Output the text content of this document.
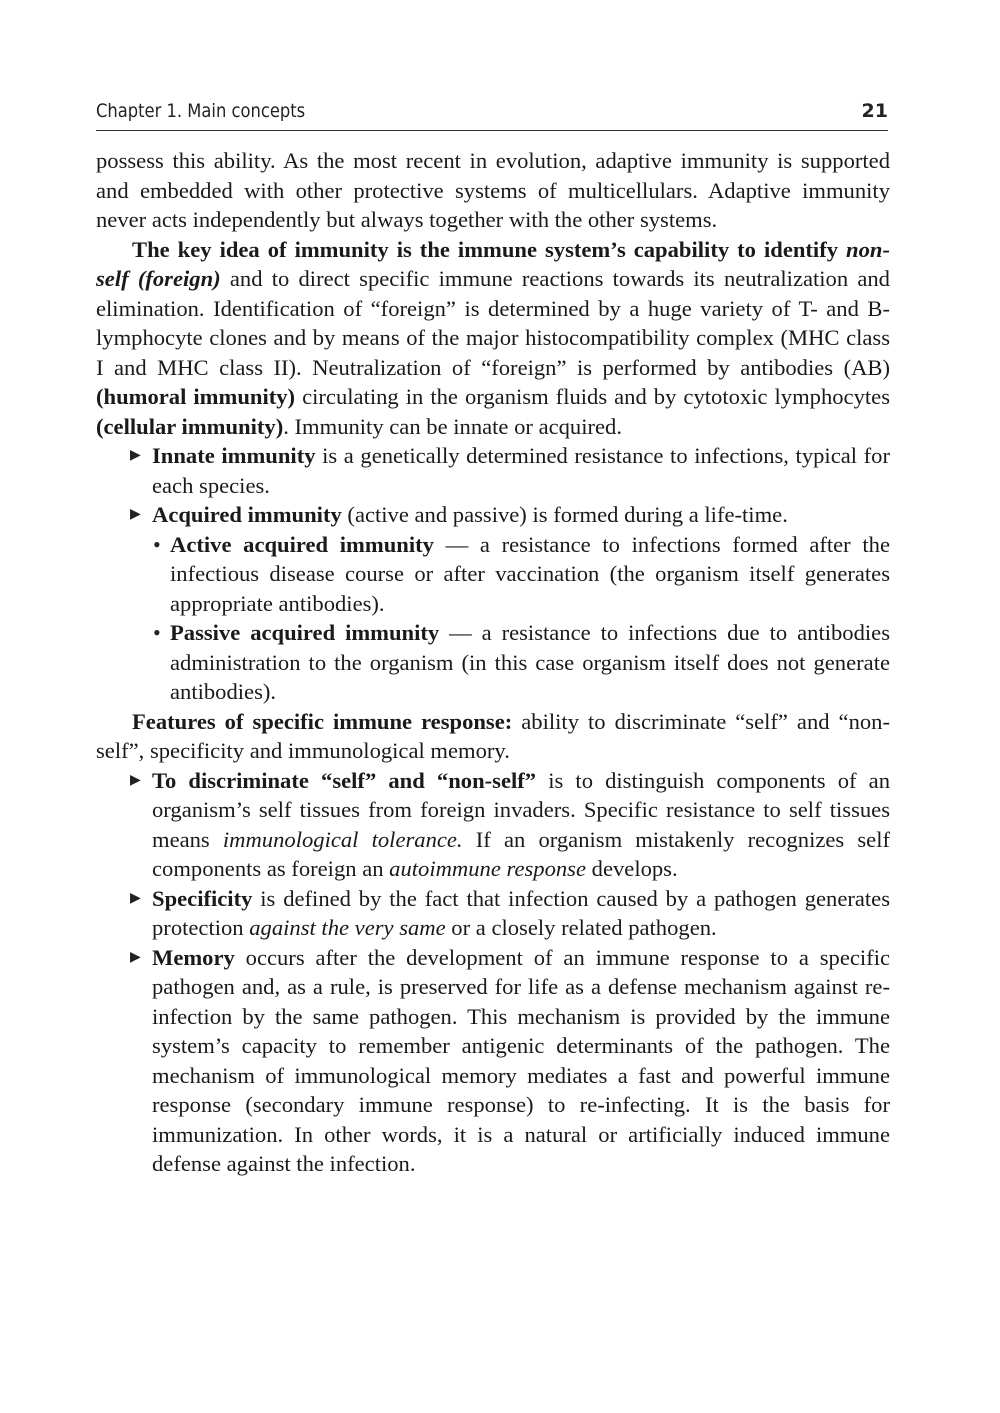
Chapter 1. Main concepts	21

possess this ability. As the most recent in evolution, adaptive immunity is supported and embedded with other protective systems of multicellulars. Adaptive immunity never acts independently but always together with the other systems.

The key idea of immunity is the immune system’s capability to identify non-self (foreign) and to direct specific immune reactions towards its neutralization and elimination. Identification of “foreign” is determined by a huge variety of T- and B-lymphocyte clones and by means of the major histocompatibility complex (MHC class I and MHC class II). Neutralization of “foreign” is performed by antibodies (AB) (humoral immunity) circulating in the organism fluids and by cytotoxic lymphocytes (cellular immunity). Immunity can be innate or acquired.

▶ Innate immunity is a genetically determined resistance to infections, typical for each species.
▶ Acquired immunity (active and passive) is formed during a life-time.
• Active acquired immunity — a resistance to infections formed after the infectious disease course or after vaccination (the organism itself generates appropriate antibodies).
• Passive acquired immunity — a resistance to infections due to antibodies administration to the organism (in this case organism itself does not generate antibodies).

Features of specific immune response: ability to discriminate “self” and “non-self”, specificity and immunological memory.

▶ To discriminate “self” and “non-self” is to distinguish components of an organism’s self tissues from foreign invaders. Specific resistance to self tissues means immunological tolerance. If an organism mistakenly recognizes self components as foreign an autoimmune response develops.
▶ Specificity is defined by the fact that infection caused by a pathogen generates protection against the very same or a closely related pathogen.
▶ Memory occurs after the development of an immune response to a specific pathogen and, as a rule, is preserved for life as a defense mechanism against re-infection by the same pathogen. This mechanism is provided by the immune system’s capacity to remember antigenic determinants of the pathogen. The mechanism of immunological memory mediates a fast and powerful immune response (secondary immune response) to re-infecting. It is the basis for immunization. In other words, it is a natural or artificially induced immune defense against the infection.
